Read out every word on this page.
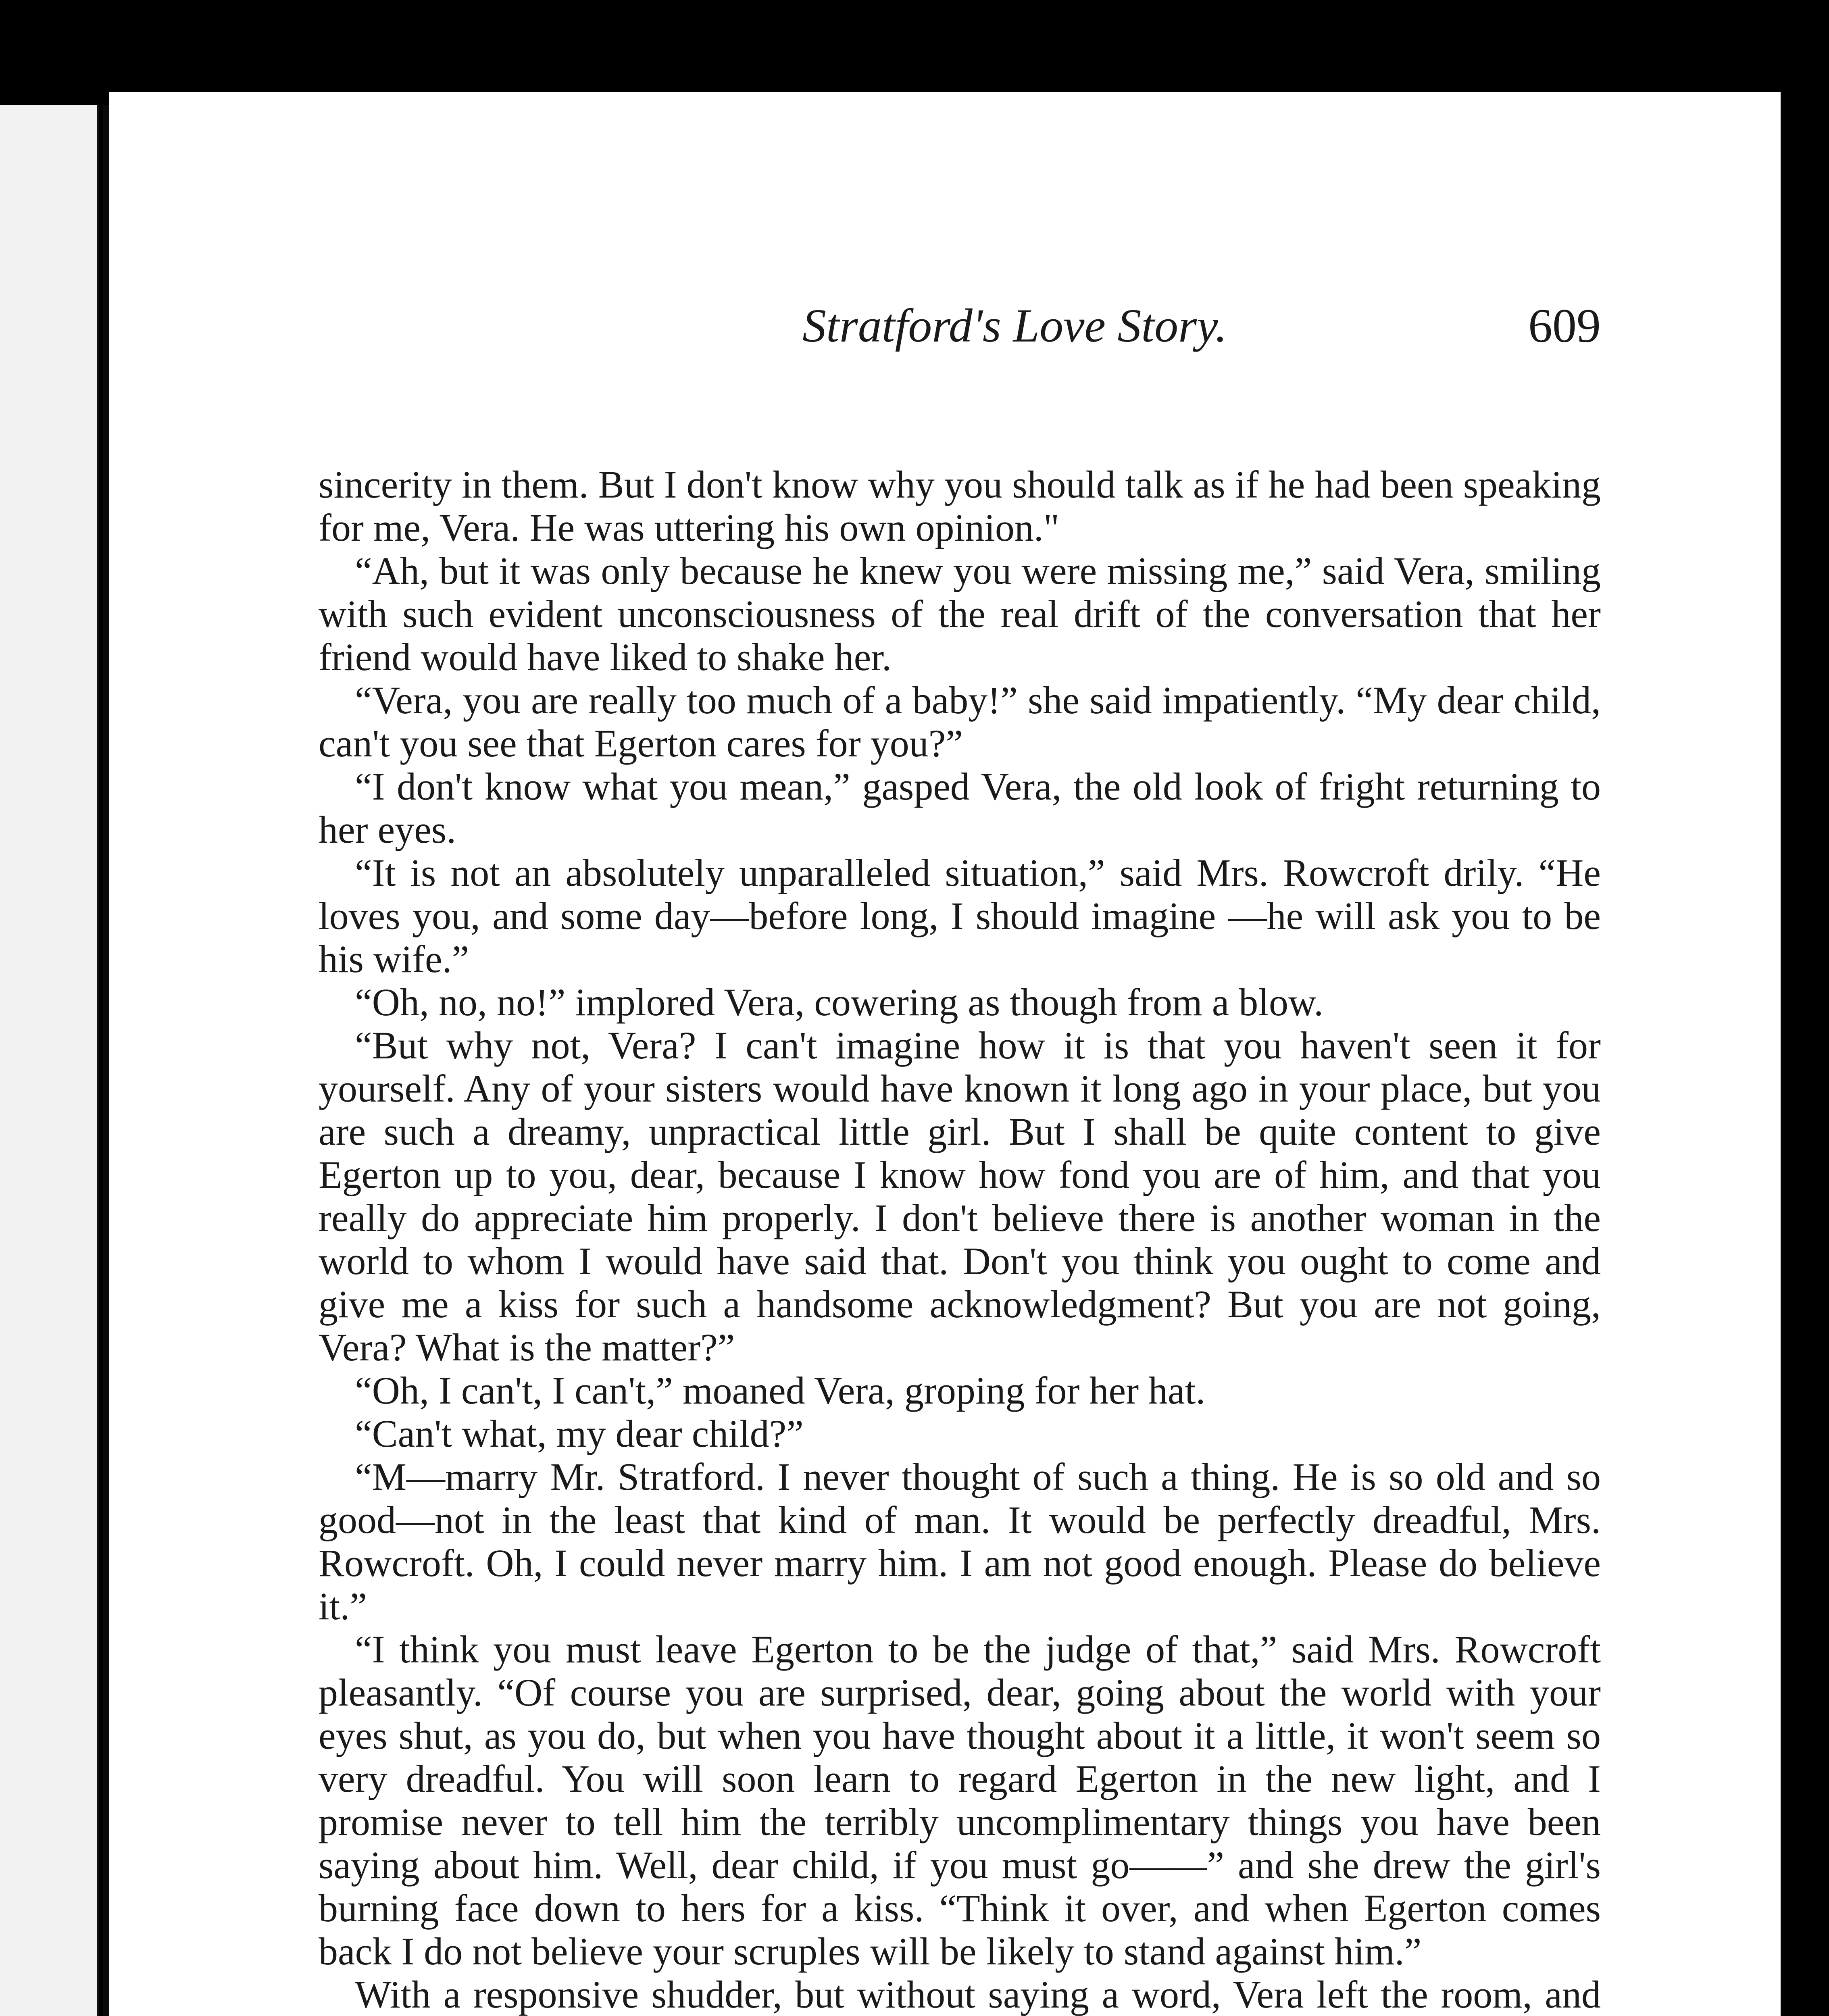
Stratford's Love Story.	609

sincerity in them. But I don't know why you should talk as if he had been speaking for me, Vera. He was uttering his own opinion."

“Ah, but it was only because he knew you were missing me,” said Vera, smiling with such evident unconsciousness of the real drift of the conversation that her friend would have liked to shake her.

“Vera, you are really too much of a baby!” she said impatiently. “My dear child, can't you see that Egerton cares for you?”

“I don't know what you mean,” gasped Vera, the old look of fright returning to her eyes.

“It is not an absolutely unparalleled situation,” said Mrs. Rowcroft drily. “He loves you, and some day—before long, I should imagine —he will ask you to be his wife.”

“Oh, no, no!” implored Vera, cowering as though from a blow.

“But why not, Vera? I can't imagine how it is that you haven't seen it for yourself. Any of your sisters would have known it long ago in your place, but you are such a dreamy, unpractical little girl. But I shall be quite content to give Egerton up to you, dear, because I know how fond you are of him, and that you really do appreciate him properly. I don't believe there is another woman in the world to whom I would have said that. Don't you think you ought to come and give me a kiss for such a handsome acknowledgment? But you are not going, Vera? What is the matter?”

“Oh, I can't, I can't,” moaned Vera, groping for her hat.

“Can't what, my dear child?”

“M—marry Mr. Stratford. I never thought of such a thing. He is so old and so good—not in the least that kind of man. It would be perfectly dreadful, Mrs. Rowcroft. Oh, I could never marry him. I am not good enough. Please do believe it.”

“I think you must leave Egerton to be the judge of that,” said Mrs. Rowcroft pleasantly. “Of course you are surprised, dear, going about the world with your eyes shut, as you do, but when you have thought about it a little, it won't seem so very dreadful. You will soon learn to regard Egerton in the new light, and I promise never to tell him the terribly uncomplimentary things you have been saying about him. Well, dear child, if you must go——” and she drew the girl's burning face down to hers for a kiss. “Think it over, and when Egerton comes back I do not believe your scruples will be likely to stand against him.”

With a responsive shudder, but without saying a word, Vera left the room, and
